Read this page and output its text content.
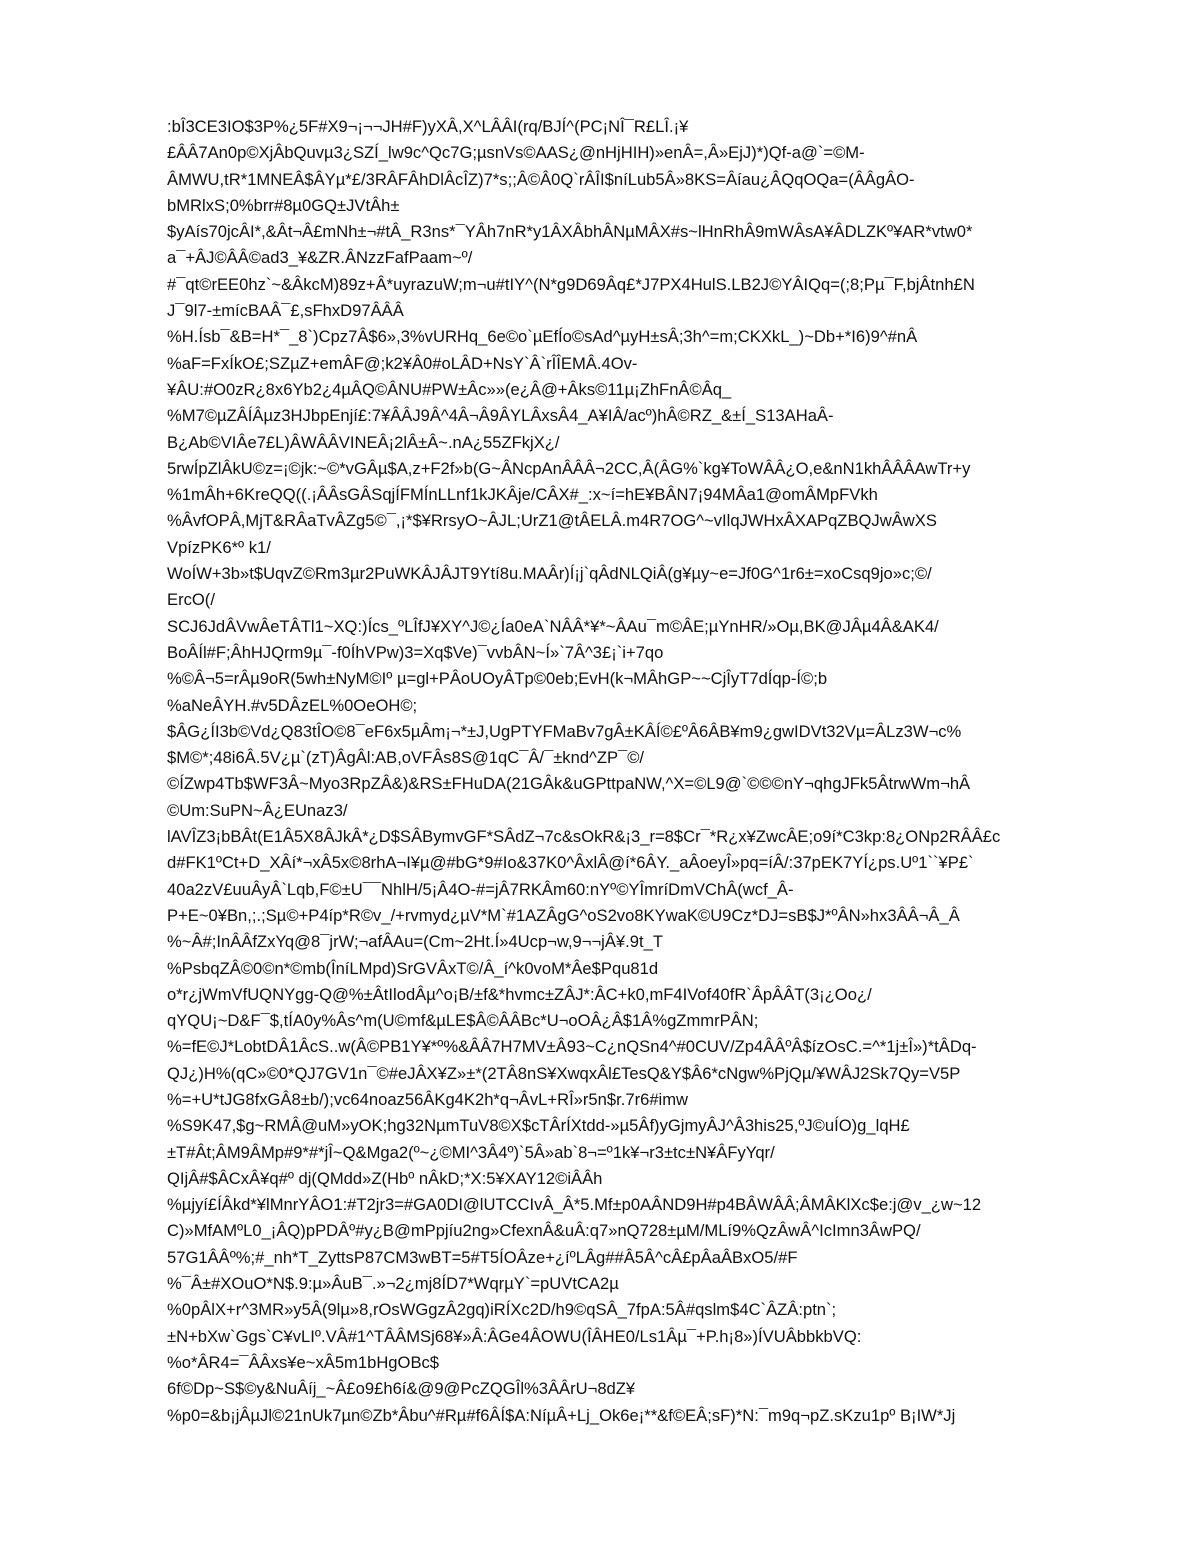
:bÎ3CE3IO$3P%¿5F#X9¬¡¬¬JH#F)yXÂ,X^LÂÂI(rq/BJÍ^(PC¡NÎ¯R£LÎ.¡¥
£ÂÂ7An0p©XjÂbQuvµ3¿SZÍ_lw9c^Qc7G;µsnVs©AAS¿@nHjHIH)»enÂ=,Â»EjJ)*)Qf-a@`=©M-
ÂMWU,tR*1MNEÂ$ÂYµ*£/3RÂFÂhDlÂcÎZ)7*s;;Â©Â0Q`rÂÎI$níLub5Â»8KS=Âíau¿ÂQqOQa=(ÂÂgÂO-
bMRlxS;0%brr#8µ0GQ±JVtÂh±
$yAís70jcÂI*,&Ât¬Â£mNh±¬#tÂ_R3ns*¯YÂh7nR*y1ÂXÂbhÂNµMÂX#s~lHnRhÂ9mWÂsA¥ÂDLZKº¥AR*vtw0*
a¯+ÂJ©ÂÂ©ad3_¥&ZR.ÂNzzFafPaam~º/
#¯qt©rEE0hz`~&ÂkcM)89z+Â*uyrazuW;m¬u#tIY^(N*g9D69Âq£*J7PX4HulS.LB2J©YÂIQq=(;8;Pµ¯F,bjÂtnh£N
J¯9l7-±mícBAÂ¯£,sFhxD97ÂÂÂ
%H.Ísb¯&B=H*¯_8`)Cpz7Â$6»,3%vURHq_6e©o`µEfÍo©sAd^µyH±sÂ;3h^=m;CKXkL_)~Db+*I6)9^#nÂ
%aF=FxÍkO£;SZµZ+emÂF@;k2¥Â0#oLÂD+NsY`Â`rÎÎEMÂ.4Ov-
¥ÂU:#O0zR¿8x6Yb2¿4µÂQ©ÂNU#PW±Âc»»(e¿Â@+Âks©11µ¡ZhFnÂ©Âq_
%M7©µZÂÍÂµz3HJbpEnjí£:7¥ÂÂJ9Â^4Â¬Â9ÂYLÂxsÂ4_A¥IÂ/acº)hÂ©RZ_&±Í_S13AHaÂ-
B¿Ab©VIÂe7£L)ÂWÂÂVINEÂ¡2lÂ±Â~.nA¿55ZFkjX¿/
5rwÍpZlÂkU©z=¡©jk:~©*vGÂµ$A,z+F2f»b(G~ÂNcpAnÂÂÂ¬2CC,Â(ÂG%`kg¥ToWÂÂ¿O,e&nN1khÂÂÂAwTr+y
%1mÂh+6KreQQ((.¡ÂÂsGÂSqjÍFMÍnLLnf1kJKÂje/CÂX#_:x~í=hE¥BÂN7¡94MÂa1@omÂMpFVkh
%ÂvfOPÂ,MjT&RÂaTvÂZg5©¯,¡*$¥RrsyO~ÂJL;UrZ1@tÂELÂ.m4R7OG^~vIlqJWHxÂXAPqZBQJwÂwXS
VpízPK6*º k1/
WoÍW+3b»t$UqvZ©Rm3µr2PuWKÂJÂJT9Ytí8u.MAÂr)Í¡j`qÂdNLQiÂ(g¥µy~e=Jf0G^1r6±=xoCsq9jo»c;©/
ErcO(/
SCJ6JdÂVwÂeTÂTl1~XQ:)Ícs_ºLÎfJ¥XY^J©¿Ía0eA`NÂÂ*¥*~ÂAu¯m©ÂE;µYnHR/»Oµ,BK@JÂµ4Â&AK4/
BoÂÍl#F;ÂhHJQrm9µ¯-f0ÍhVPw)3=Xq$Ve)¯vvbÂN~Í»`7Â^3£¡`i+7qo
%©Â¬5=rÂµ9oR(5wh±NyM©Iº µ=gl+PÂoUOyÂTp©0eb;EvH(k¬MÂhGP~~CjÎyT7dÍqp-Í©;b
%aNeÂYH.#v5DÂzEL%0OeOH©;
$ÂG¿ÍI3b©Vd¿Q83tÎO©8¯eF6x5µÂm¡¬*±J,UgPTYFMaBv7gÂ±KÂÍ©£ºÂ6ÂB¥m9¿gwIDVt32Vµ=ÂLz3W¬c%
$M©*;48i6Â.5V¿µ`(zT)ÂgÂl:AB,oVFÂs8S@1qC¯Â/¯±knd^ZP¯©/
©ÍZwp4Tb$WF3Â~Myo3RpZÂ&)&RS±FHuDA(21GÂk&uGPttpaNW,^X=©L9@`©©©nY¬qhgJFk5ÂtrwWm¬hÂ
©Um:SuPN~Â¿EUnaz3/
lAVÎZ3¡bBÂt(E1Â5X8ÂJkÂ*¿D$SÂBymvGF*SÂdZ¬7c&sOkR&¡3_r=8$Cr¯*R¿x¥ZwcÂE;o9í*C3kp:8¿ONp2RÂÂ£c
d#FK1ºCt+D_XÂí*¬xÂ5x©8rhA¬I¥µ@#bG*9#Io&37K0^ÂxlÂ@í*6ÂY._aÂoeyÎ»pq=íÂ/:37pEK7YÍ¿ps.Uº1``¥P£`
40a2zV£uuÂyÂ`Lqb,F©±U¯¯NhlH/5¡Â4O-#=jÂ7RKÂm60:nYº©YÎmríDmVChÂ(wcf_Â-
P+E~0¥Bn,;.;Sµ©+P4íp*R©v_/+rvmyd¿µV*M`#1AZÂgG^oS2vo8KYwaK©U9Cz*DJ=sB$J*ºÂN»hx3ÂÂ¬Â_Â
%~Â#;InÂÂfZxYq@8¯jrW;¬afÂAu=(Cm~2Ht.Í»4Ucp¬w,9¬¬jÂ¥.9t_T
%PsbqZÂ©0©n*©mb(ÎníLMpd)SrGVÂxT©/Â_í^k0voM*Âe$Pqu81d
o*r¿jWmVfUQNYgg-Q@%±ÂtIlodÂµ^o¡B/±f&*hvmc±ZÂJ*:ÂC+k0,mF4IVof40fR`ÂpÂÂT(3¡¿Oo¿/
qYQU¡~D&F¯$,tÍA0y%Âs^m(U©mf&µLE$Â©ÂÂBc*U¬oOÂ¿Â$1Â%gZmmrPÂN;
%=fE©J*LobtDÂ1ÂcS..w(Â©PB1Y¥*º%&ÂÂ7H7MV±Â93~C¿nQSn4^#0CUV/Zp4ÂÂºÂ$ízOsC.=^*1j±Î»)*tÂDq-
QJ¿)H%(qC»©0*QJ7GV1n¯©#eJÂX¥Z»±*(2TÂ8nS¥XwqxÂl£TesQ&Y$Â6*cNgw%PjQµ/¥WÂJ2Sk7Qy=V5P
%=+U*tJG8fxGÂ8±b/);vc64noaz56ÂKg4K2h*q¬ÂvL+RÎ»r5n$r.7r6#imw
%S9K47,$g~RMÂ@uM»yOK;hg32NµmTuV8©X$cTÂrÍXtdd-»µ5Âf)yGjmyÂJ^Â3his25,ºJ©uÍO)g_lqH£
±T#Ât;ÂM9ÂMp#9*#*jÎ~Q&Mga2(º~¿©MI^3Â4º)`5Â»ab`8¬=º1k¥¬r3±tc±N¥ÂFyYqr/
QIjÂ#$ÂCxÂ¥q#º dj(QMdd»Z(Hbº nÂkD;*X:5¥XAY12©iÂÂh
%µjyí£ÍÂkd*¥lMnrYÂO1:#T2jr3=#GA0DI@lUTCCIvÂ_Â*5.Mf±p0AÂND9H#p4BÂWÂÂ;ÂMÂKlXc$e:j@v_¿w~12
C)»MfAMºL0_¡ÂQ)pPDÂº#y¿B@mPpjíu2ng»CfexnÂ&uÂ:q7»nQ728±µM/MLí9%QzÂwÂ^IcImn3ÂwPQ/
57G1ÂÂº%;#_nh*T_ZyttsP87CM3wBT=5#T5ÍOÂze+¿íºLÂg##Â5Â^cÂ£pÂaÂBxO5/#F
%¯Â±#XOuO*N$.9:µ»ÂuB¯.»¬2¿mj8ÍD7*WqrµY`=pUVtCA2µ
%0pÂlX+r^3MR»y5Â(9lµ»8,rOsWGgzÂ2gq)iRÍXc2D/h9©qSÂ_7fpA:5Â#qslm$4C`ÂZÂ:ptn`;
±N+bXw`Ggs`C¥vLIº.VÂ#1^TÂÂMSj68¥»Â:ÂGe4ÂOWU(ÎÂHE0/Ls1Âµ¯+P.h¡8»)ÍVUÂbbkbVQ:
%o*ÂR4=¯ÂÂxs¥e~xÂ5m1bHgOBc$
6f©Dp~S$©y&NuÂíj_~Â£o9£h6í&@9@PcZQGÎl%3ÂÂrU¬8dZ¥
%p0=&b¡jÂµJl©21nUk7µn©Zb*Âbu^#Rµ#f6ÂÍ$A:NíµÂ+Lj_Ok6e¡**&f©EÂ;sF)*N:¯m9q¬pZ.sKzu1pº B¡IW*Jj
